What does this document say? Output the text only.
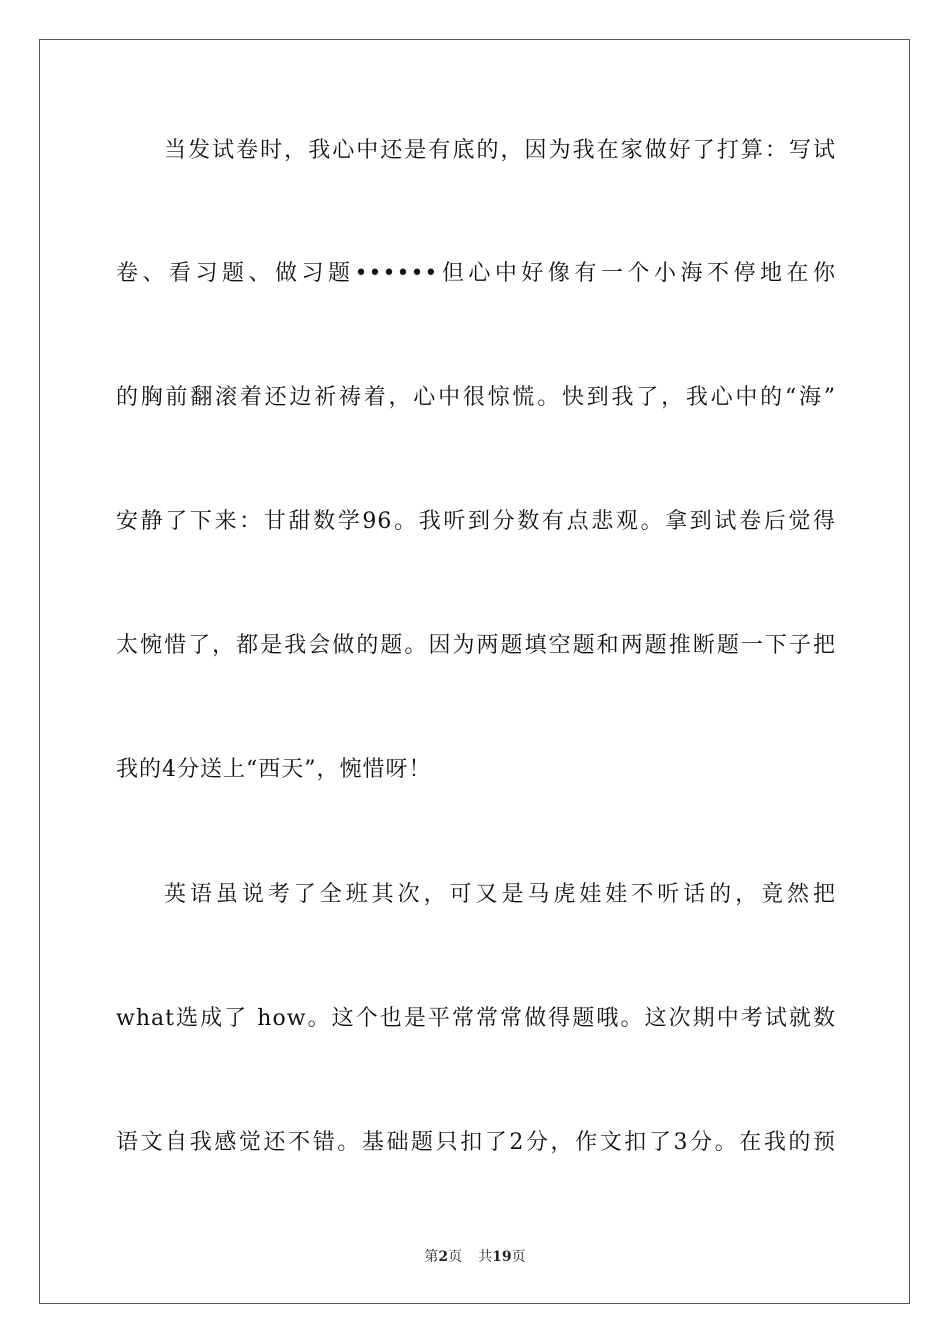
当发试卷时，我心中还是有底的，因为我在家做好了打算：写试
卷、看习题、做习题••••••但心中好像有一个小海不停地在你
的胸前翻滚着还边祈祷着，心中很惊慌。快到我了，我心中的“海”
安静了下来：甘甜数学96。我听到分数有点悲观。拿到试卷后觉得
太惋惜了，都是我会做的题。因为两题填空题和两题推断题一下子把
我的4分送上“西天”，惋惜呀！
英语虽说考了全班其次，可又是马虎娃娃不听话的，竟然把
what选成了 how。这个也是平常常常做得题哦。这次期中考试就数
语文自我感觉还不错。基础题只扣了2分，作文扣了3分。在我的预
第2页 共19页
